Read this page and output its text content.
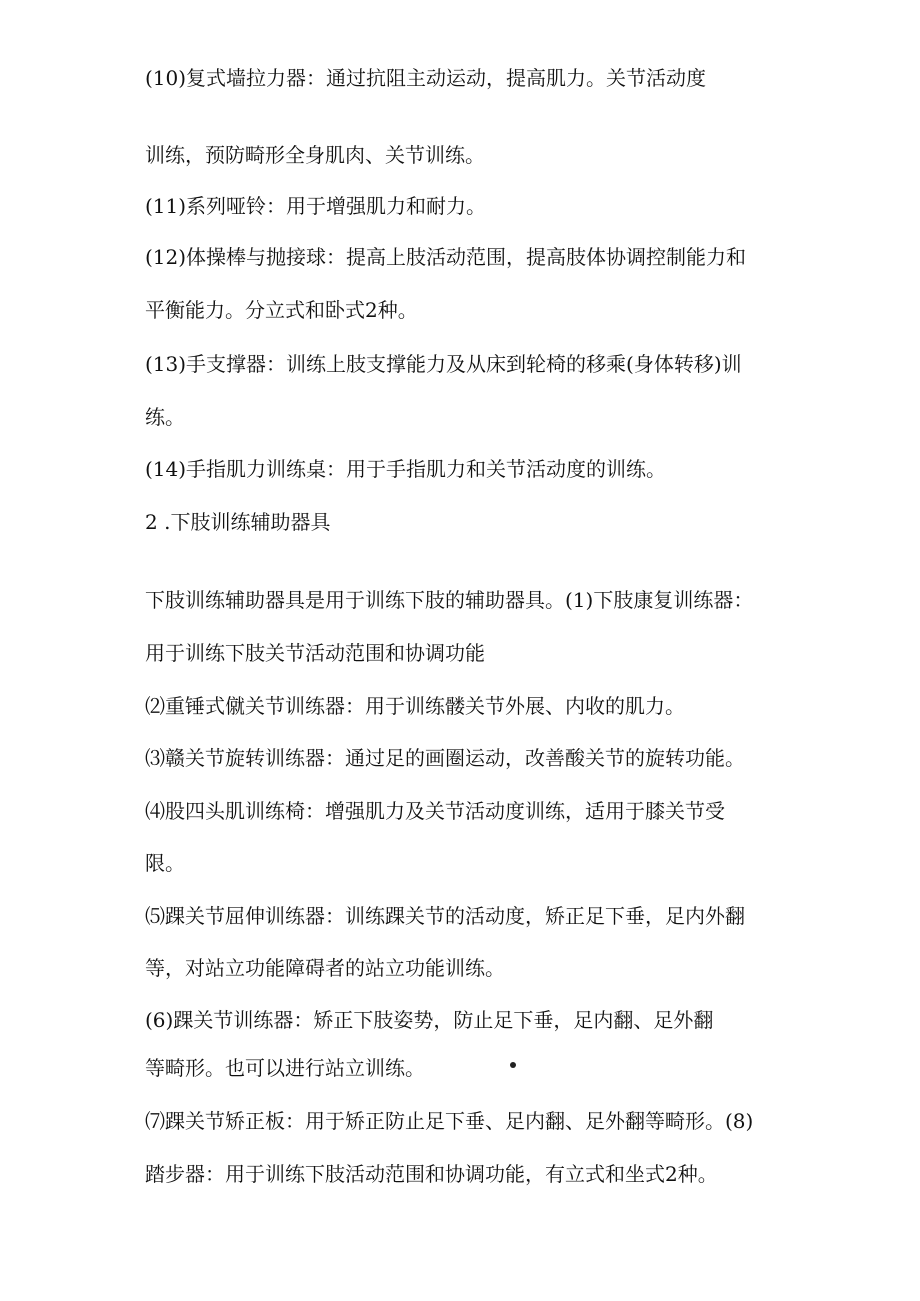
(10)复式墙拉力器：通过抗阻主动运动，提高肌力。关节活动度
训练，预防畸形全身肌肉、关节训练。
(11)系列哑铃：用于增强肌力和耐力。
(12)体操棒与抛接球：提高上肢活动范围，提高肢体协调控制能力和
平衡能力。分立式和卧式2种。
(13)手支撑器：训练上肢支撑能力及从床到轮椅的移乘(身体转移)训
练。
(14)手指肌力训练桌：用于手指肌力和关节活动度的训练。
2 .下肢训练辅助器具
下肢训练辅助器具是用于训练下肢的辅助器具。(1)下肢康复训练器：
用于训练下肢关节活动范围和协调功能
⑵重锤式僦关节训练器：用于训练髅关节外展、内收的肌力。
⑶赣关节旋转训练器：通过足的画圈运动，改善酸关节的旋转功能。
⑷股四头肌训练椅：增强肌力及关节活动度训练，适用于膝关节受
限。
⑸踝关节屈伸训练器：训练踝关节的活动度，矫正足下垂，足内外翻
等，对站立功能障碍者的站立功能训练。
(6)踝关节训练器：矫正下肢姿势，防止足下垂，足内翻、足外翻
等畸形。也可以进行站立训练。
⑺踝关节矫正板：用于矫正防止足下垂、足内翻、足外翻等畸形。(8)
踏步器：用于训练下肢活动范围和协调功能，有立式和坐式2种。
